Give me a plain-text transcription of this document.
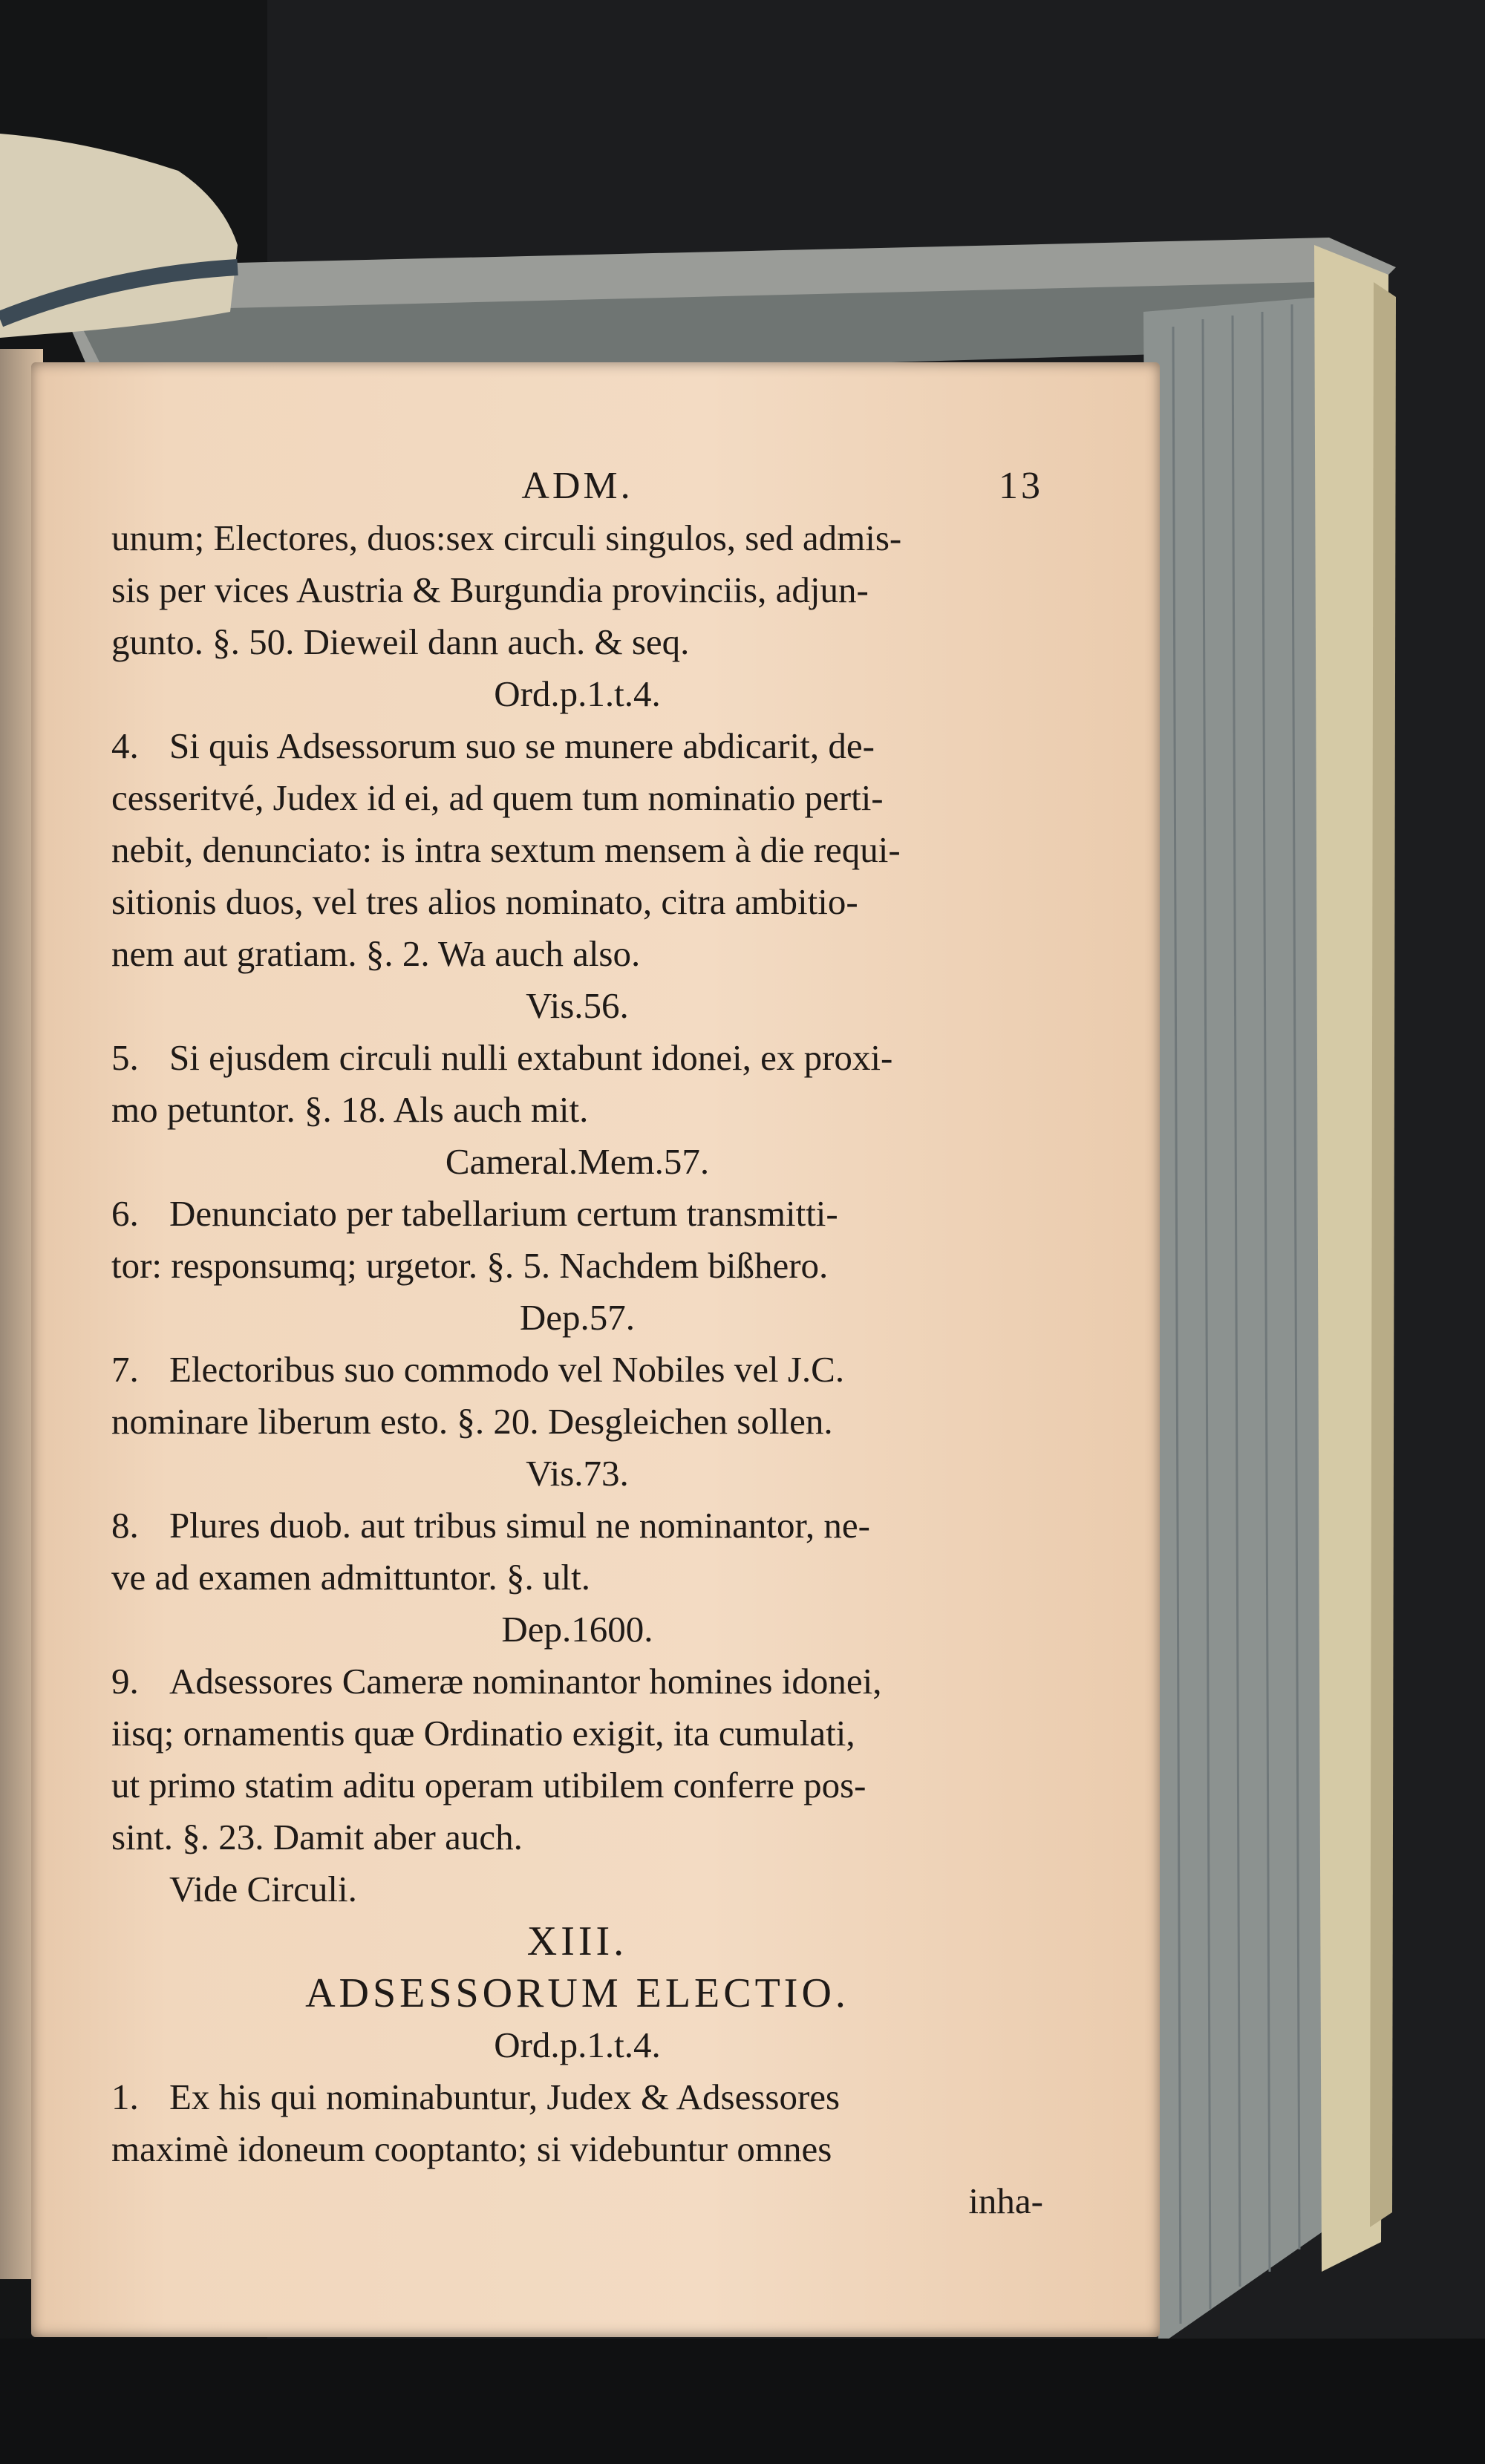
ADM.	13
unum; Electores, duos:sex circuli singulos, sed admis-
sis per vices Austria & Burgundia provinciis, adjun-
gunto. §. 50. Dieweil dann auch. & seq.
Ord.p.1.t.4.
4. Si quis Adsessorum suo se munere abdicarit, de-
cesseritvé, Judex id ei, ad quem tum nominatio perti-
nebit, denunciato: is intra sextum mensem à die requi-
sitionis duos, vel tres alios nominato, citra ambitio-
nem aut gratiam. §. 2. Wa auch also.
Vis.56.
5. Si ejusdem circuli nulli extabunt idonei, ex proxi-
mo petuntor. §. 18. Als auch mit.
Cameral.Mem.57.
6. Denunciato per tabellarium certum transmitti-
tor: responsumq; urgetor. §. 5. Nachdem bißhero.
Dep.57.
7. Electoribus suo commodo vel Nobiles vel J.C.
nominare liberum esto. §. 20. Desgleichen sollen.
Vis.73.
8. Plures duob. aut tribus simul ne nominantor, ne-
ve ad examen admittuntor. §. ult.
Dep.1600.
9. Adsessores Cameræ nominantor homines idonei,
iisq; ornamentis quæ Ordinatio exigit, ita cumulati,
ut primo statim aditu operam utibilem conferre pos-
sint. §. 23. Damit aber auch.
Vide Circuli.
XIII.
ADSESSORUM ELECTIO.
Ord.p.1.t.4.
1. Ex his qui nominabuntur, Judex & Adsessores
maximè idoneum cooptanto; si videbuntur omnes
inha-
